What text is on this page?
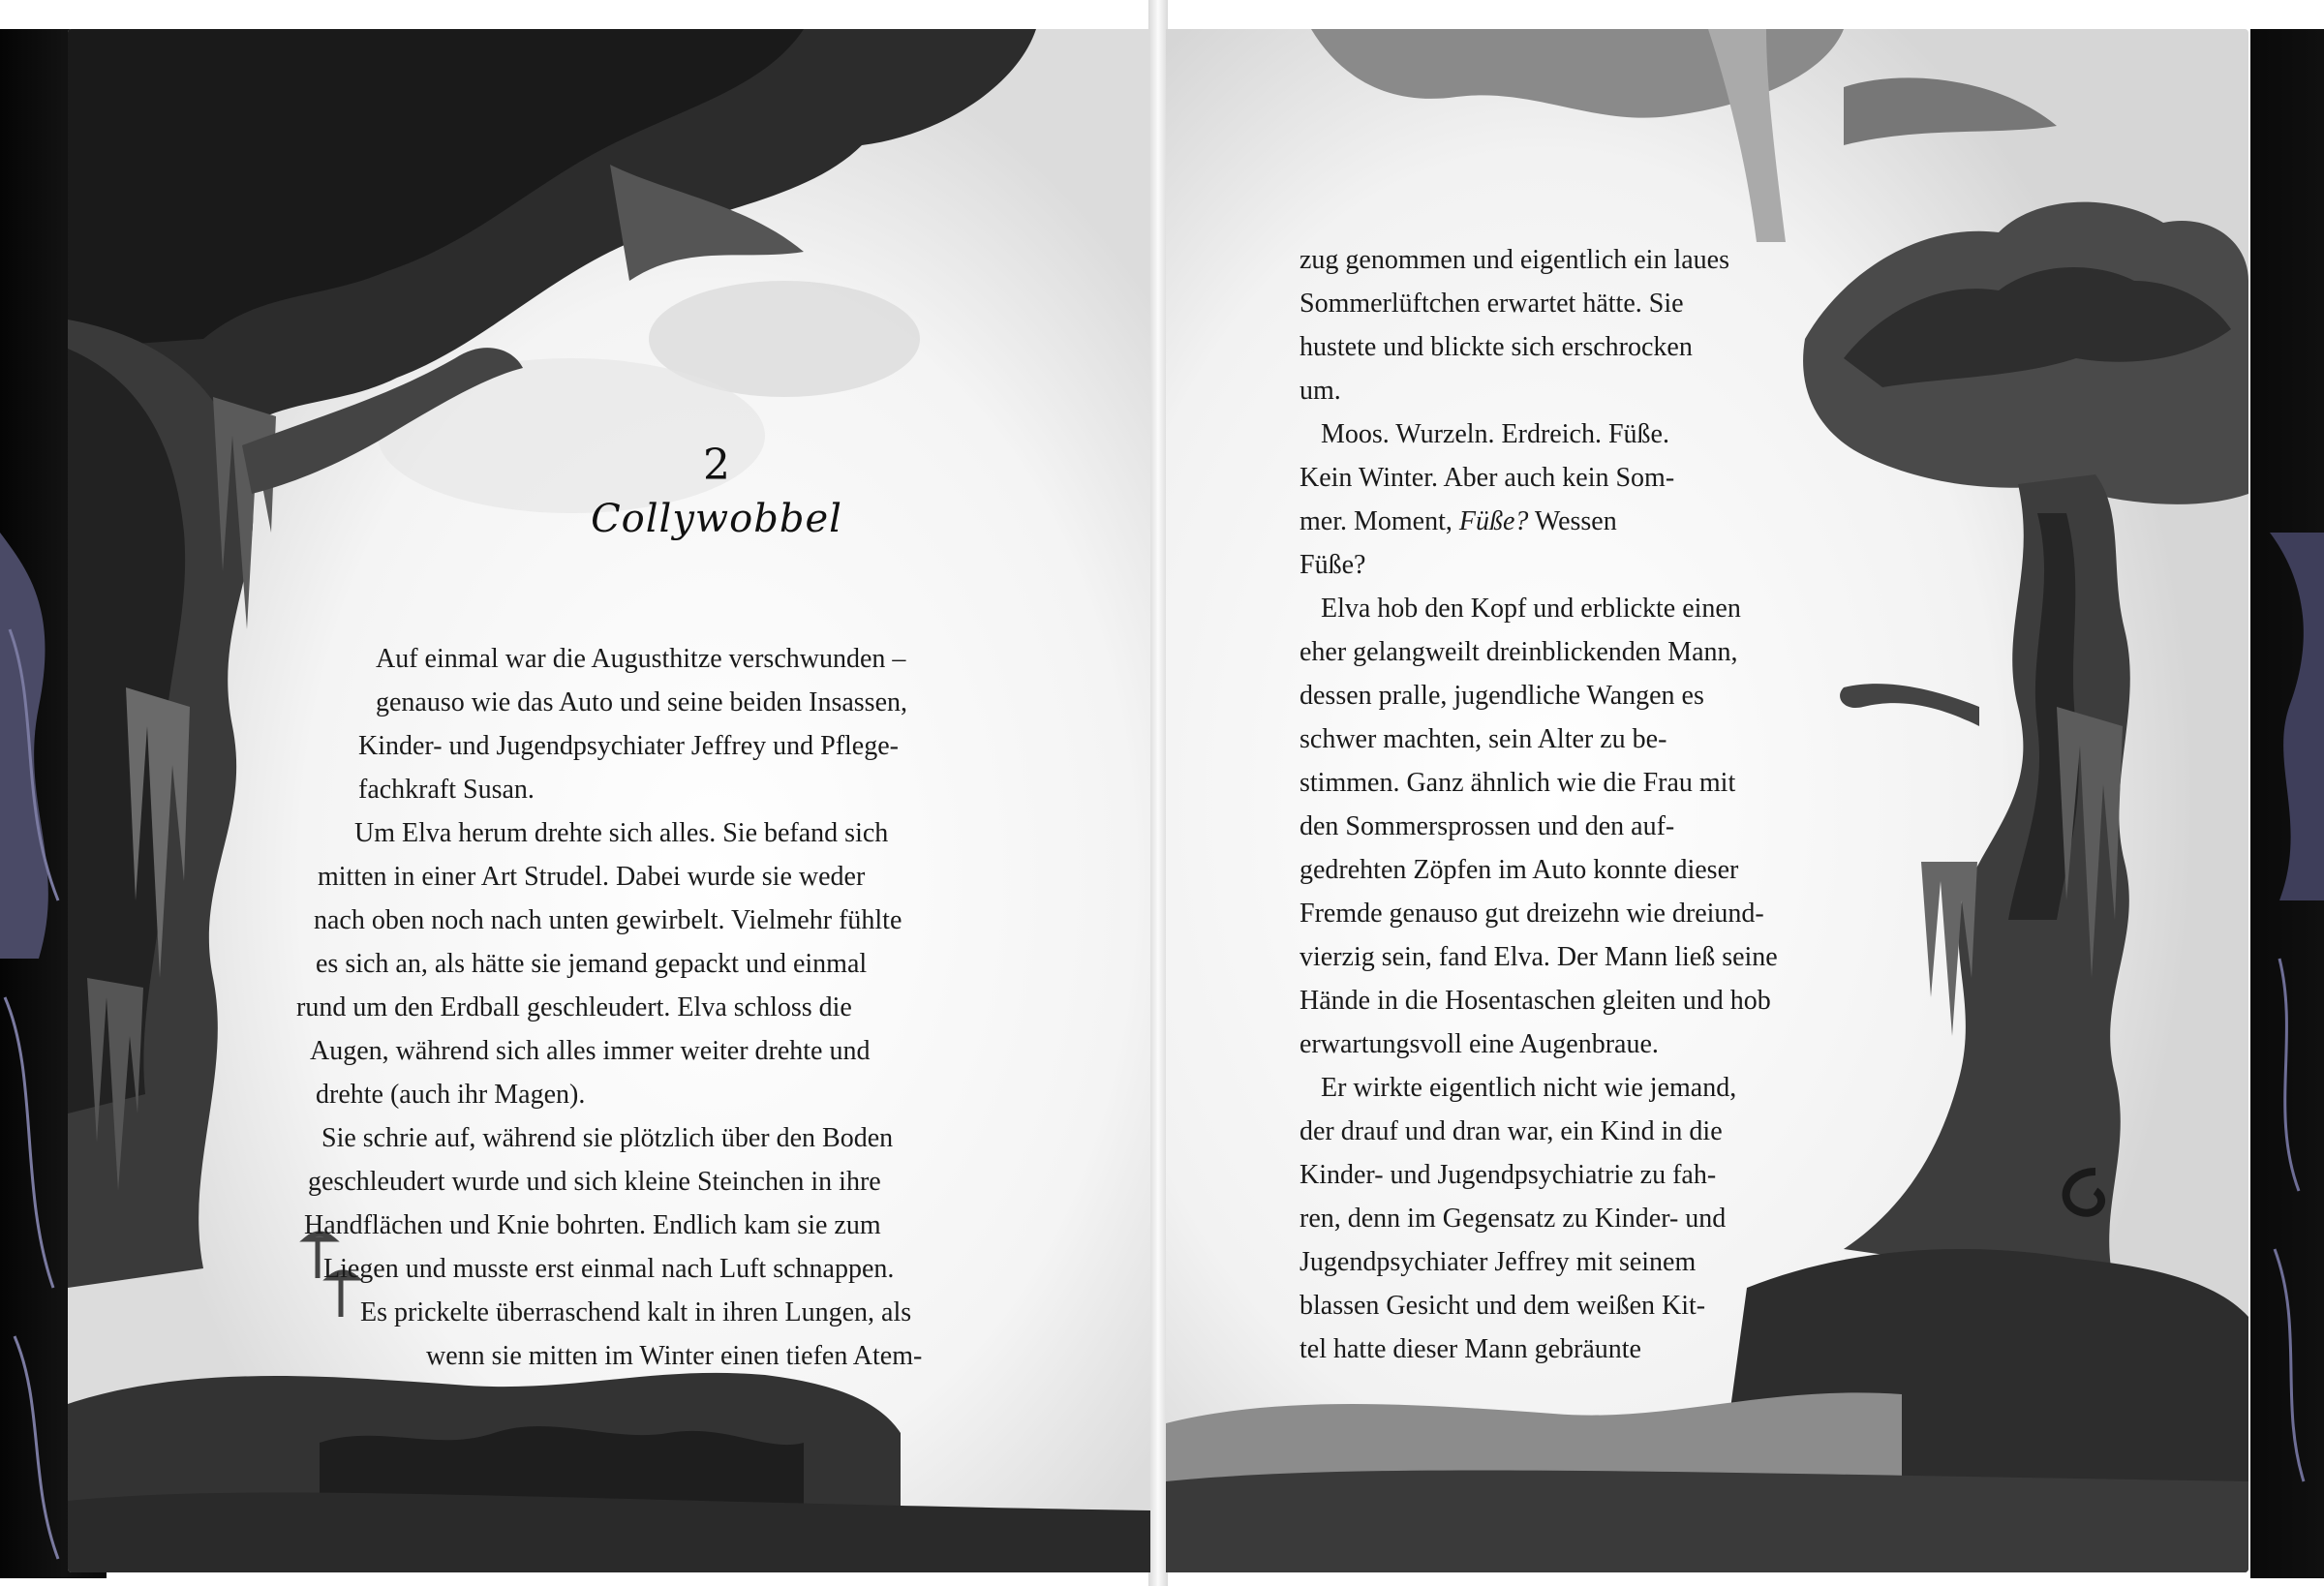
2
Collywobbel
Auf einmal war die Augusthitze verschwunden –
genauso wie das Auto und seine beiden Insassen,
Kinder- und Jugendpsychiater Jeffrey und Pflege-
fachkraft Susan.
Um Elva herum drehte sich alles. Sie befand sich
mitten in einer Art Strudel. Dabei wurde sie weder
nach oben noch nach unten gewirbelt. Vielmehr fühlte
es sich an, als hätte sie jemand gepackt und einmal
rund um den Erdball geschleudert. Elva schloss die
Augen, während sich alles immer weiter drehte und
drehte (auch ihr Magen).
Sie schrie auf, während sie plötzlich über den Boden
geschleudert wurde und sich kleine Steinchen in ihre
Handflächen und Knie bohrten. Endlich kam sie zum
Liegen und musste erst einmal nach Luft schnappen.
Es prickelte überraschend kalt in ihren Lungen, als
wenn sie mitten im Winter einen tiefen Atem-
zug genommen und eigentlich ein laues
Sommerlüftchen erwartet hätte. Sie
hustete und blickte sich erschrocken
um.
Moos. Wurzeln. Erdreich. Füße.
Kein Winter. Aber auch kein Som-
mer. Moment, Füße? Wessen
Füße?
Elva hob den Kopf und erblickte einen
eher gelangweilt dreinblickenden Mann,
dessen pralle, jugendliche Wangen es
schwer machten, sein Alter zu be-
stimmen. Ganz ähnlich wie die Frau mit
den Sommersprossen und den auf-
gedrehten Zöpfen im Auto konnte dieser
Fremde genauso gut dreizehn wie dreiund-
vierzig sein, fand Elva. Der Mann ließ seine
Hände in die Hosentaschen gleiten und hob
erwartungsvoll eine Augenbraue.
Er wirkte eigentlich nicht wie jemand,
der drauf und dran war, ein Kind in die
Kinder- und Jugendpsychiatrie zu fah-
ren, denn im Gegensatz zu Kinder- und
Jugendpsychiater Jeffrey mit seinem
blassen Gesicht und dem weißen Kit-
tel hatte dieser Mann gebräunte
